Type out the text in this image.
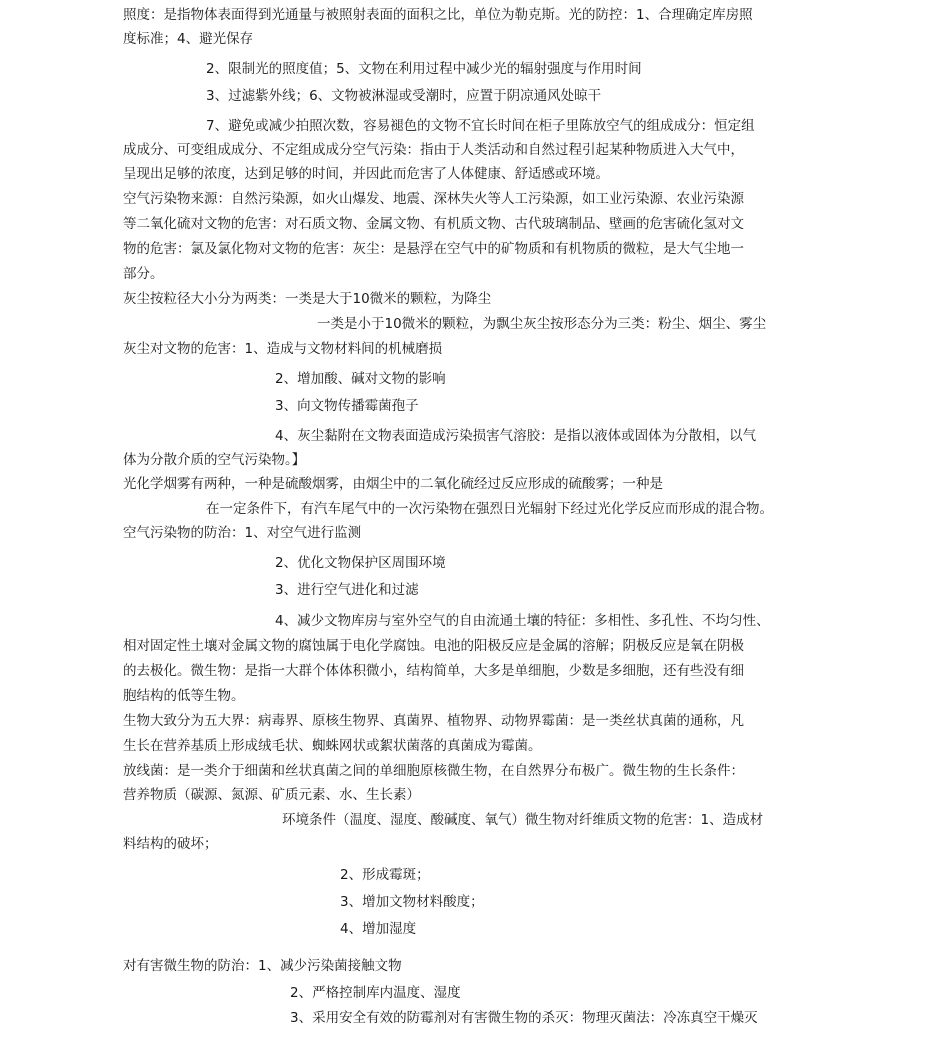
照度：是指物体表面得到光通量与被照射表面的面积之比，单位为勒克斯。光的防控：1、合理确定库房照
度标准；4、避光保存
2、限制光的照度值；5、文物在利用过程中减少光的辐射强度与作用时间
3、过滤紫外线；6、文物被淋湿或受潮时，应置于阴凉通风处晾干
7、避免或减少拍照次数，容易褪色的文物不宜长时间在柜子里陈放空气的组成成分：恒定组
成成分、可变组成成分、不定组成成分空气污染：指由于人类活动和自然过程引起某种物质进入大气中，
呈现出足够的浓度，达到足够的时间，并因此而危害了人体健康、舒适感或环境。
空气污染物来源：自然污染源，如火山爆发、地震、深林失火等人工污染源，如工业污染源、农业污染源
等二氧化硫对文物的危害：对石质文物、金属文物、有机质文物、古代玻璃制品、壁画的危害硫化氢对文
物的危害：氯及氯化物对文物的危害：灰尘：是悬浮在空气中的矿物质和有机物质的微粒，是大气尘地一
部分。
灰尘按粒径大小分为两类：一类是大于10微米的颗粒，为降尘
一类是小于10微米的颗粒，为飘尘灰尘按形态分为三类：粉尘、烟尘、雾尘
灰尘对文物的危害：1、造成与文物材料间的机械磨损
2、增加酸、碱对文物的影响
3、向文物传播霉菌孢子
4、灰尘黏附在文物表面造成污染损害气溶胶：是指以液体或固体为分散相，以气
体为分散介质的空气污染物。】
光化学烟雾有两种，一种是硫酸烟雾，由烟尘中的二氧化硫经过反应形成的硫酸雾；一种是
在一定条件下，有汽车尾气中的一次污染物在强烈日光辐射下经过光化学反应而形成的混合物。
空气污染物的防治：1、对空气进行监测
2、优化文物保护区周围环境
3、进行空气进化和过滤
4、减少文物库房与室外空气的自由流通土壤的特征：多相性、多孔性、不均匀性、
相对固定性土壤对金属文物的腐蚀属于电化学腐蚀。电池的阳极反应是金属的溶解；阴极反应是氧在阴极
的去极化。微生物：是指一大群个体体积微小，结构简单，大多是单细胞，少数是多细胞，还有些没有细
胞结构的低等生物。
生物大致分为五大界：病毒界、原核生物界、真菌界、植物界、动物界霉菌：是一类丝状真菌的通称，凡
生长在营养基质上形成绒毛状、蜘蛛网状或絮状菌落的真菌成为霉菌。
放线菌：是一类介于细菌和丝状真菌之间的单细胞原核微生物，在自然界分布极广。微生物的生长条件：
营养物质（碳源、氮源、矿质元素、水、生长素）
环境条件（温度、湿度、酸碱度、氧气）微生物对纤维质文物的危害：1、造成材
料结构的破坏；
2、形成霉斑；
3、增加文物材料酸度；
4、增加湿度
对有害微生物的防治：1、减少污染菌接触文物
2、严格控制库内温度、湿度
3、采用安全有效的防霉剂对有害微生物的杀灭：物理灭菌法：冷冻真空干燥灭
